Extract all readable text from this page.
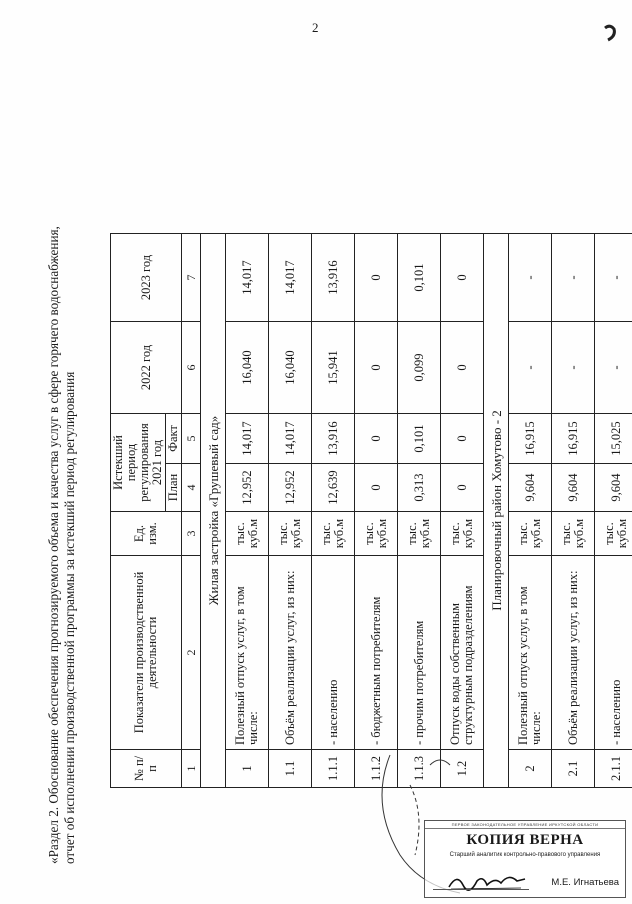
2
«Раздел 2. Обоснование обеспечения прогнозируемого объема и качества услуг в сфере горячего водоснабжения, отчет об исполнении производственной программы за истекший период регулирования	№ п/п	Показатели производственной деятельности	Ед. изм.	Истекший период регулирования 2021 год		2022 год	2023 год
			План	Факт		
1	2	3	4	5	6	7
Жилая застройка «Грушевый сад»						
1	Полезный отпуск услуг, в том числе:	тыс. куб.м	12,952	14,017	16,040	14,017
1.1	Объём реализации услуг, из них:	тыс. куб.м	12,952	14,017	16,040	14,017
1.1.1	- населению	тыс. куб.м	12,639	13,916	15,941	13,916
1.1.2	- бюджетным потребителям	тыс. куб.м	0	0	0	0
1.1.3	- прочим потребителям	тыс. куб.м	0,313	0,101	0,099	0,101
1.2	Отпуск воды собственным структурным подразделениям	тыс. куб.м	0	0	0	0
Планировочный район Хомутово - 2						
2	Полезный отпуск услуг, в том числе:	тыс. куб.м	9,604	16,915	-	-
2.1	Объём реализации услуг, из них:	тыс. куб.м	9,604	16,915	-	-
2.1.1	- населению	тыс. куб.м	9,604	15,025	-	-
ПЕРВОЕ ЗАКОНОДАТЕЛЬНОЕ УПРАВЛЕНИЕ ИРКУТСКОЙ ОБЛАСТИ
КОПИЯ ВЕРНА
Старший аналитик контрольно-правового управления
М.Е. Игнатьева
